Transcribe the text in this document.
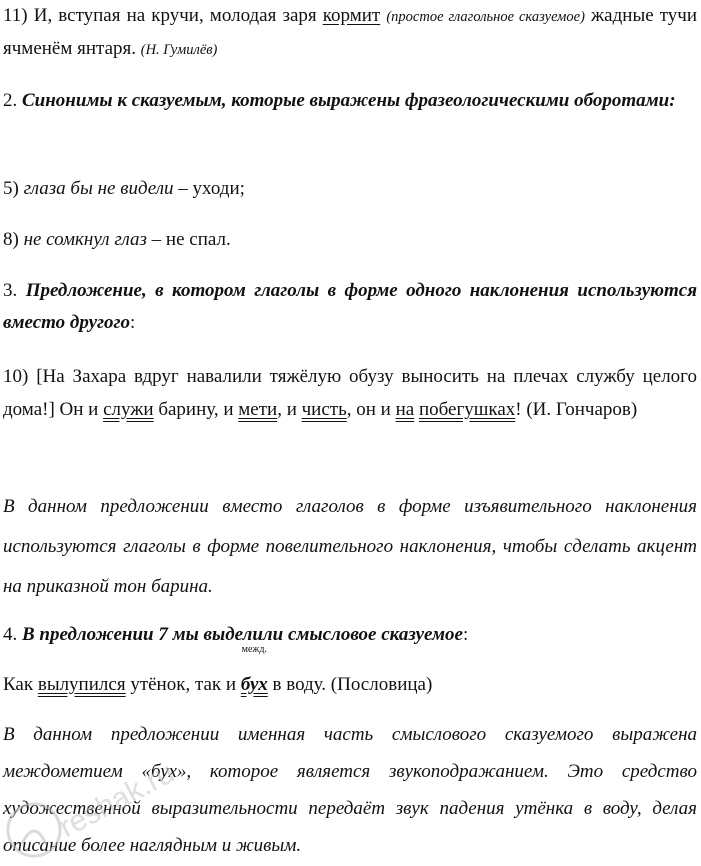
11) И, вступая на кручи, молодая заря кормит (простое глагольное сказуемое) жадные тучи ячменём янтаря. (Н. Гумилёв)

2. Синонимы к сказуемым, которые выражены фразеологическими оборотами:

5) глаза бы не видели – уходи;

8) не сомкнул глаз – не спал.

3. Предложение, в котором глаголы в форме одного наклонения используются вместо другого:

10) [На Захара вдруг навалили тяжёлую обузу выносить на плечах службу целого дома!] Он и служи барину, и мети, и чисть, он и на побегушках! (И. Гончаров)

В данном предложении вместо глаголов в форме изъявительного наклонения используются глаголы в форме повелительного наклонения, чтобы сделать акцент на приказной тон барина.

4. В предложении 7 мы выделили смысловое сказуемое:

Как вылупился утёнок, так и
межд.
бух в воду. (Пословица)

В данном предложении именная часть смыслового сказуемого выражена междометием «бух», которое является звукоподражанием. Это средство художественной выразительности передаёт звук падения утёнка в воду, делая описание более наглядным и живым.

reshak.ru
